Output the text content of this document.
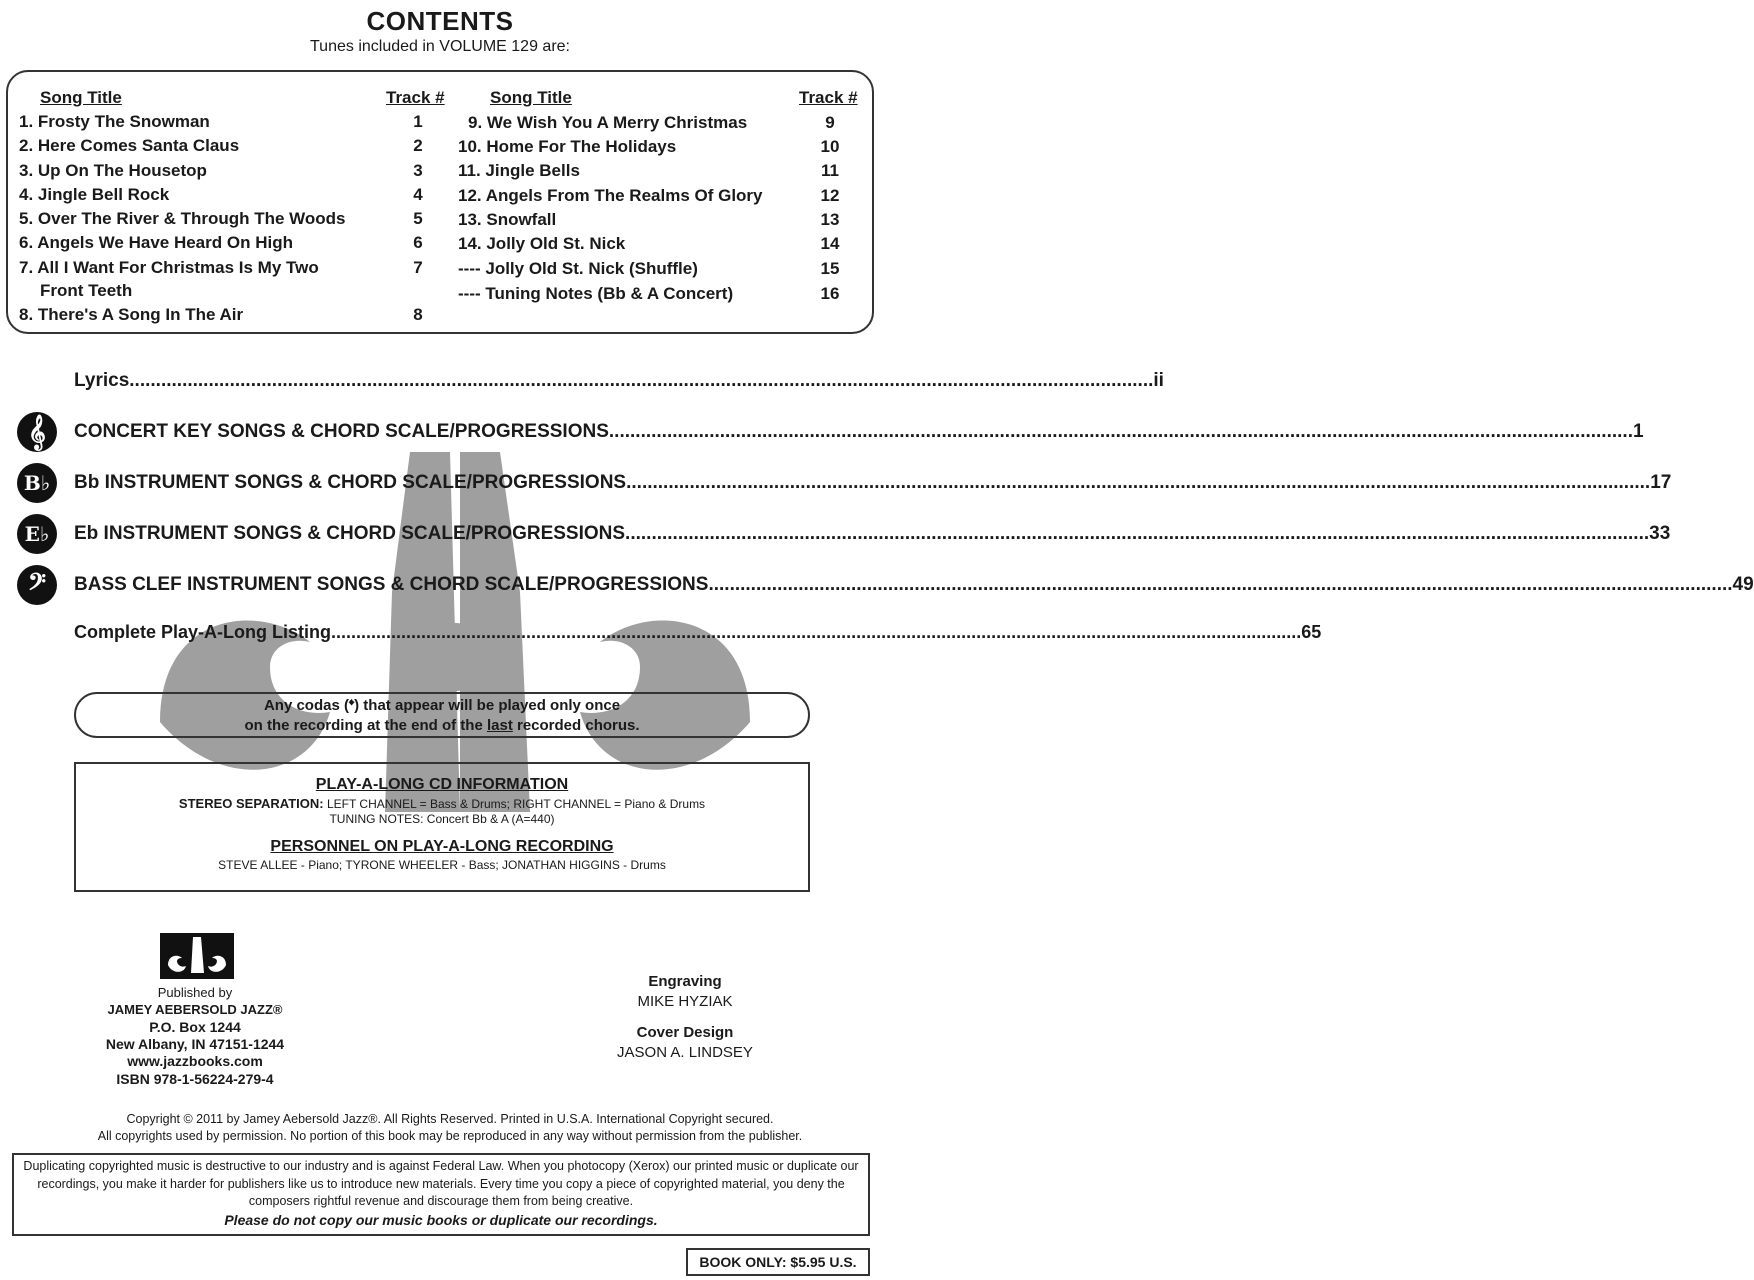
CONTENTS
Tunes included in VOLUME 129 are:
Song Title	Track #	Song Title	Track #
1. Frosty The Snowman	1
2. Here Comes Santa Claus	2
3. Up On The Housetop	3
4. Jingle Bell Rock	4
5. Over The River & Through The Woods	5
6. Angels We Have Heard On High	6
7. All I Want For Christmas Is My Two	7
Front Teeth
8. There's A Song In The Air	8
9. We Wish You A Merry Christmas	9
10. Home For The Holidays	10
11. Jingle Bells	11
12. Angels From The Realms Of Glory	12
13. Snowfall	13
14. Jolly Old St. Nick	14
---- Jolly Old St. Nick (Shuffle)	15
---- Tuning Notes (Bb & A Concert)	16
Lyrics .................................................................................................................................................................................................. ii
𝄞	CONCERT KEY SONGS & CHORD SCALE/PROGRESSIONS .................................................................................................................................................................................................. 1
B♭	Bb INSTRUMENT SONGS & CHORD SCALE/PROGRESSIONS .................................................................................................................................................................................................. 17
E♭	Eb INSTRUMENT SONGS & CHORD SCALE/PROGRESSIONS .................................................................................................................................................................................................. 33
𝄢	BASS CLEF INSTRUMENT SONGS & CHORD SCALE/PROGRESSIONS .................................................................................................................................................................................................. 49
Complete Play-A-Long Listing .................................................................................................................................................................................................. 65
Any codas (𝄌) that appear will be played only once
on the recording at the end of the last recorded chorus.
PLAY-A-LONG CD INFORMATION
STEREO SEPARATION: LEFT CHANNEL = Bass & Drums; RIGHT CHANNEL = Piano & Drums
TUNING NOTES: Concert Bb & A (A=440)
PERSONNEL ON PLAY-A-LONG RECORDING
STEVE ALLEE - Piano; TYRONE WHEELER - Bass; JONATHAN HIGGINS - Drums
Published by
JAMEY AEBERSOLD JAZZ®
P.O. Box 1244
New Albany, IN 47151-1244
www.jazzbooks.com
ISBN 978-1-56224-279-4
Engraving
MIKE HYZIAK
Cover Design
JASON A. LINDSEY
Copyright © 2011 by Jamey Aebersold Jazz®. All Rights Reserved. Printed in U.S.A. International Copyright secured.
All copyrights used by permission. No portion of this book may be reproduced in any way without permission from the publisher.
Duplicating copyrighted music is destructive to our industry and is against Federal Law. When you photocopy (Xerox) our printed music or duplicate our recordings, you make it harder for publishers like us to introduce new materials. Every time you copy a piece of copyrighted material, you deny the composers rightful revenue and discourage them from being creative.
Please do not copy our music books or duplicate our recordings.
BOOK ONLY: $5.95 U.S.
